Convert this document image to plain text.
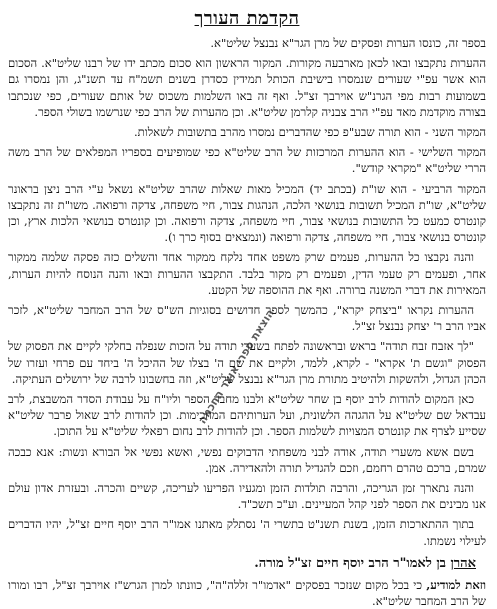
הקדמת העורך

בספר זה, כונסו הערות ופסקים של מרן הגר"א נבנצל שליט"א.

ההערות נתקבצו ובאו לכאן מארבעה מקורות. המקור הראשון הוא סכום מכתב ידו של רבנו שליט"א. הסכום הוא אשר עפ"י שעורים שנמסרו בישיבת הכותל תמידין כסדרן בשנים תשמ"ח עד תשנ"ג, והן נמסרו גם בשמועות רבות מפי הגרנ"ש אוירבך זצ"ל. ואף זה באו השלמות משכוס של אותם שעורים, כפי שנכתבו בצורה מוקדמת מאד עפ"י הרב צבניה קלרמן שליט"א. וכן מהערות של הרב כפי שנרשמו בשולי הספר.

המקור השני - הוא תורה שבע"פ כפי שהדברים נמסרו מהרב בתשובות לשאלות.

המקור השלישי - הוא ההערות המרכזות של הרב שליט"א כפי שמופיעים בספריו המפלאים של הרב משה הררי שליט"א "מקראי קודש".

המקור הרביעי - הוא שו"ת (בכתב יד) המכיל מאות שאלות שהרב שליט"א נשאל ע"י הרב ניצן בראונר שליט"א, שו"ת המכיל תשובות בנושאי הלכה, הנהגות צבור, חיי משפחה, צדקה ורפואה. משו"ת זה נתקבצו קונטרס כמעט כל התשובות בנושאי צבור, חיי משפחה, צדקה ורפואה. וכן קונטרס בנושאי הלכות ארץ, וכן קונטרס בנושאי צבור, חיי משפחה, צדקה ורפואה (ונמצאים בסוף כרך ו).

והנה נקבצו כל ההערות, פעמים שרק משפט אחד נלקח ממקור אחד והשלים כזה פסקה שלמה ממקור אחר, ופעמים רק טעמי הדין, ופעמים רק מקור בלבד. התקבצו ההערות ובאו והנה הנוסח להיות הערות, המאירות את דברי המשנה ברורה. ואף את ההוספה של הקטע.

ההערות נקראו "ביצחק יקרא", כהמשך לספר חדושים בסוגיות הש"ס של הרב המחבר שליט"א, לזכר אביו הרב ר' יצחק נבנצל זצ"ל.

"לך אזבח זבח תודה" בראש ובראשונה לפתח בשערי תודה על הזכות שנפלה בחלקי לקיים את הפסוק של הפסוק "וגשם ת' אקרא" - לקרא, ללמד, ולקיים את שם ה' בצלו של ההיכל ה' ביחד עם פרחי ועזרו של הכהן הגדול, ולהשקות ולהיטיב מתורת מרן הגר"א נבנצל שליט"א, וזה בחשבונו לרבה של ירושלים העתיקה.

כאן המקום להודות לרב יוסף בן שחר שליט"א ולבנו מחבר הספר וליו"ח על עבודת הסדר המשבצת, לרב עבדאל שם שליט"א על ההגהה הלשונית, ועל הערותיהם המחכימות. וכן להודות לרב שאול פרבר שליט"א שסייע לצרף את קונטרס המצויות לשלמות הספר. וכן להודות לרב נחום רפאלי שליט"א על התוכן.

בשם אשא משערי תודה, אודה לבני משפחתי הדבוקים נפשי, ואשא נפשי אל הבורא ונשות: אנא כבכה שמרם, ברכם טהרם רחמם, וזכם להגדיל תורה ולהאדירה. אמן.

והנה נתארך זמן הגריכה, והרבה תולדות הזמן ומגעיו הפריעו לעריכה, קשיים והכרה. ובעזרת אדון עולם אנו מבינים את הספר לפני קהל המעיינים. וע"כ תשכ"ד.

בתוך ההתארכות הזמן, בשנת תשנ"ט בתשרי ה' נסתלק מאתנו אמו"ר הרב יוסף חיים זצ"ל, יהיו הדברים לעילוי נשמתו.

אהרן בן לאמו"ר הרב יוסף חיים זצ"ל מורה.

וזאת למודיע, כי בכל מקום שנזכר בפסקים "אדמו"ר זללה"ה", כוונתו למרן הגרש"ז אוירבך זצ"ל, רבו ומורו של הרב המחבר שליט"א.

הוצאת ספרי אוצר החכמה
